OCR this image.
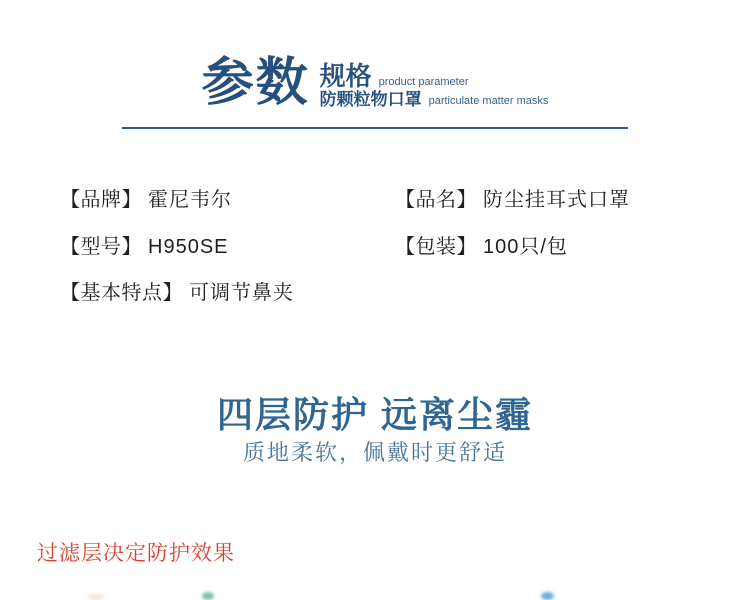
参数 规格 product parameter
防颗粒物口罩 particulate matter masks
【品牌】 霍尼韦尔	【品名】 防尘挂耳式口罩
【型号】 H950SE	【包装】 100只/包
【基本特点】 可调节鼻夹
四层防护 远离尘霾
质地柔软，佩戴时更舒适
过滤层决定防护效果
